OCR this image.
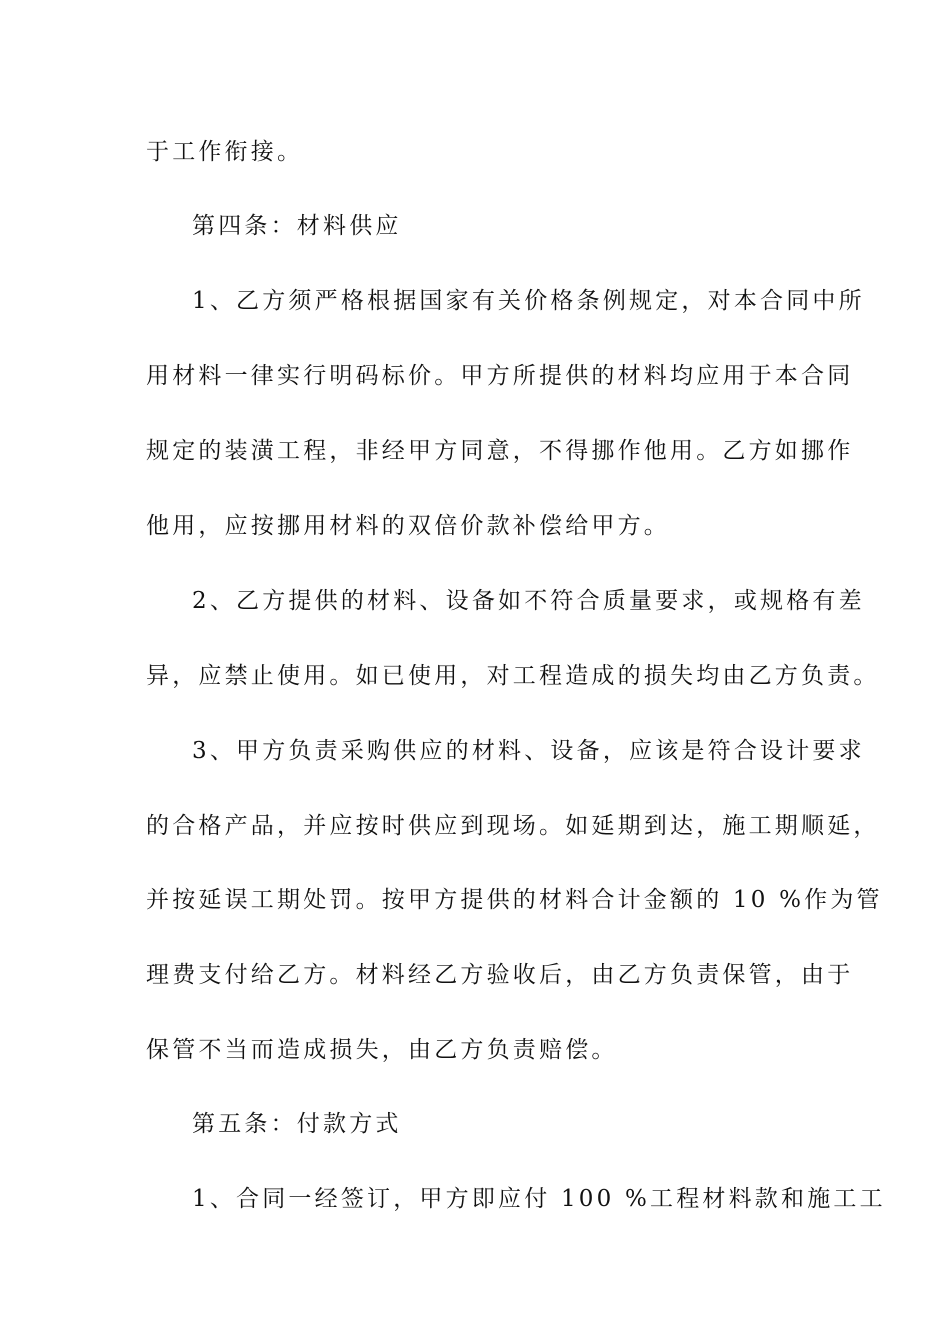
于工作衔接。
第四条：材料供应
1、乙方须严格根据国家有关价格条例规定，对本合同中所
用材料一律实行明码标价。甲方所提供的材料均应用于本合同
规定的装潢工程，非经甲方同意，不得挪作他用。乙方如挪作
他用，应按挪用材料的双倍价款补偿给甲方。
2、乙方提供的材料、设备如不符合质量要求，或规格有差
异，应禁止使用。如已使用，对工程造成的损失均由乙方负责。
3、甲方负责采购供应的材料、设备，应该是符合设计要求
的合格产品，并应按时供应到现场。如延期到达，施工期顺延，
并按延误工期处罚。按甲方提供的材料合计金额的 10 %作为管
理费支付给乙方。材料经乙方验收后，由乙方负责保管，由于
保管不当而造成损失，由乙方负责赔偿。
第五条：付款方式
1、合同一经签订，甲方即应付 100 %工程材料款和施工工
